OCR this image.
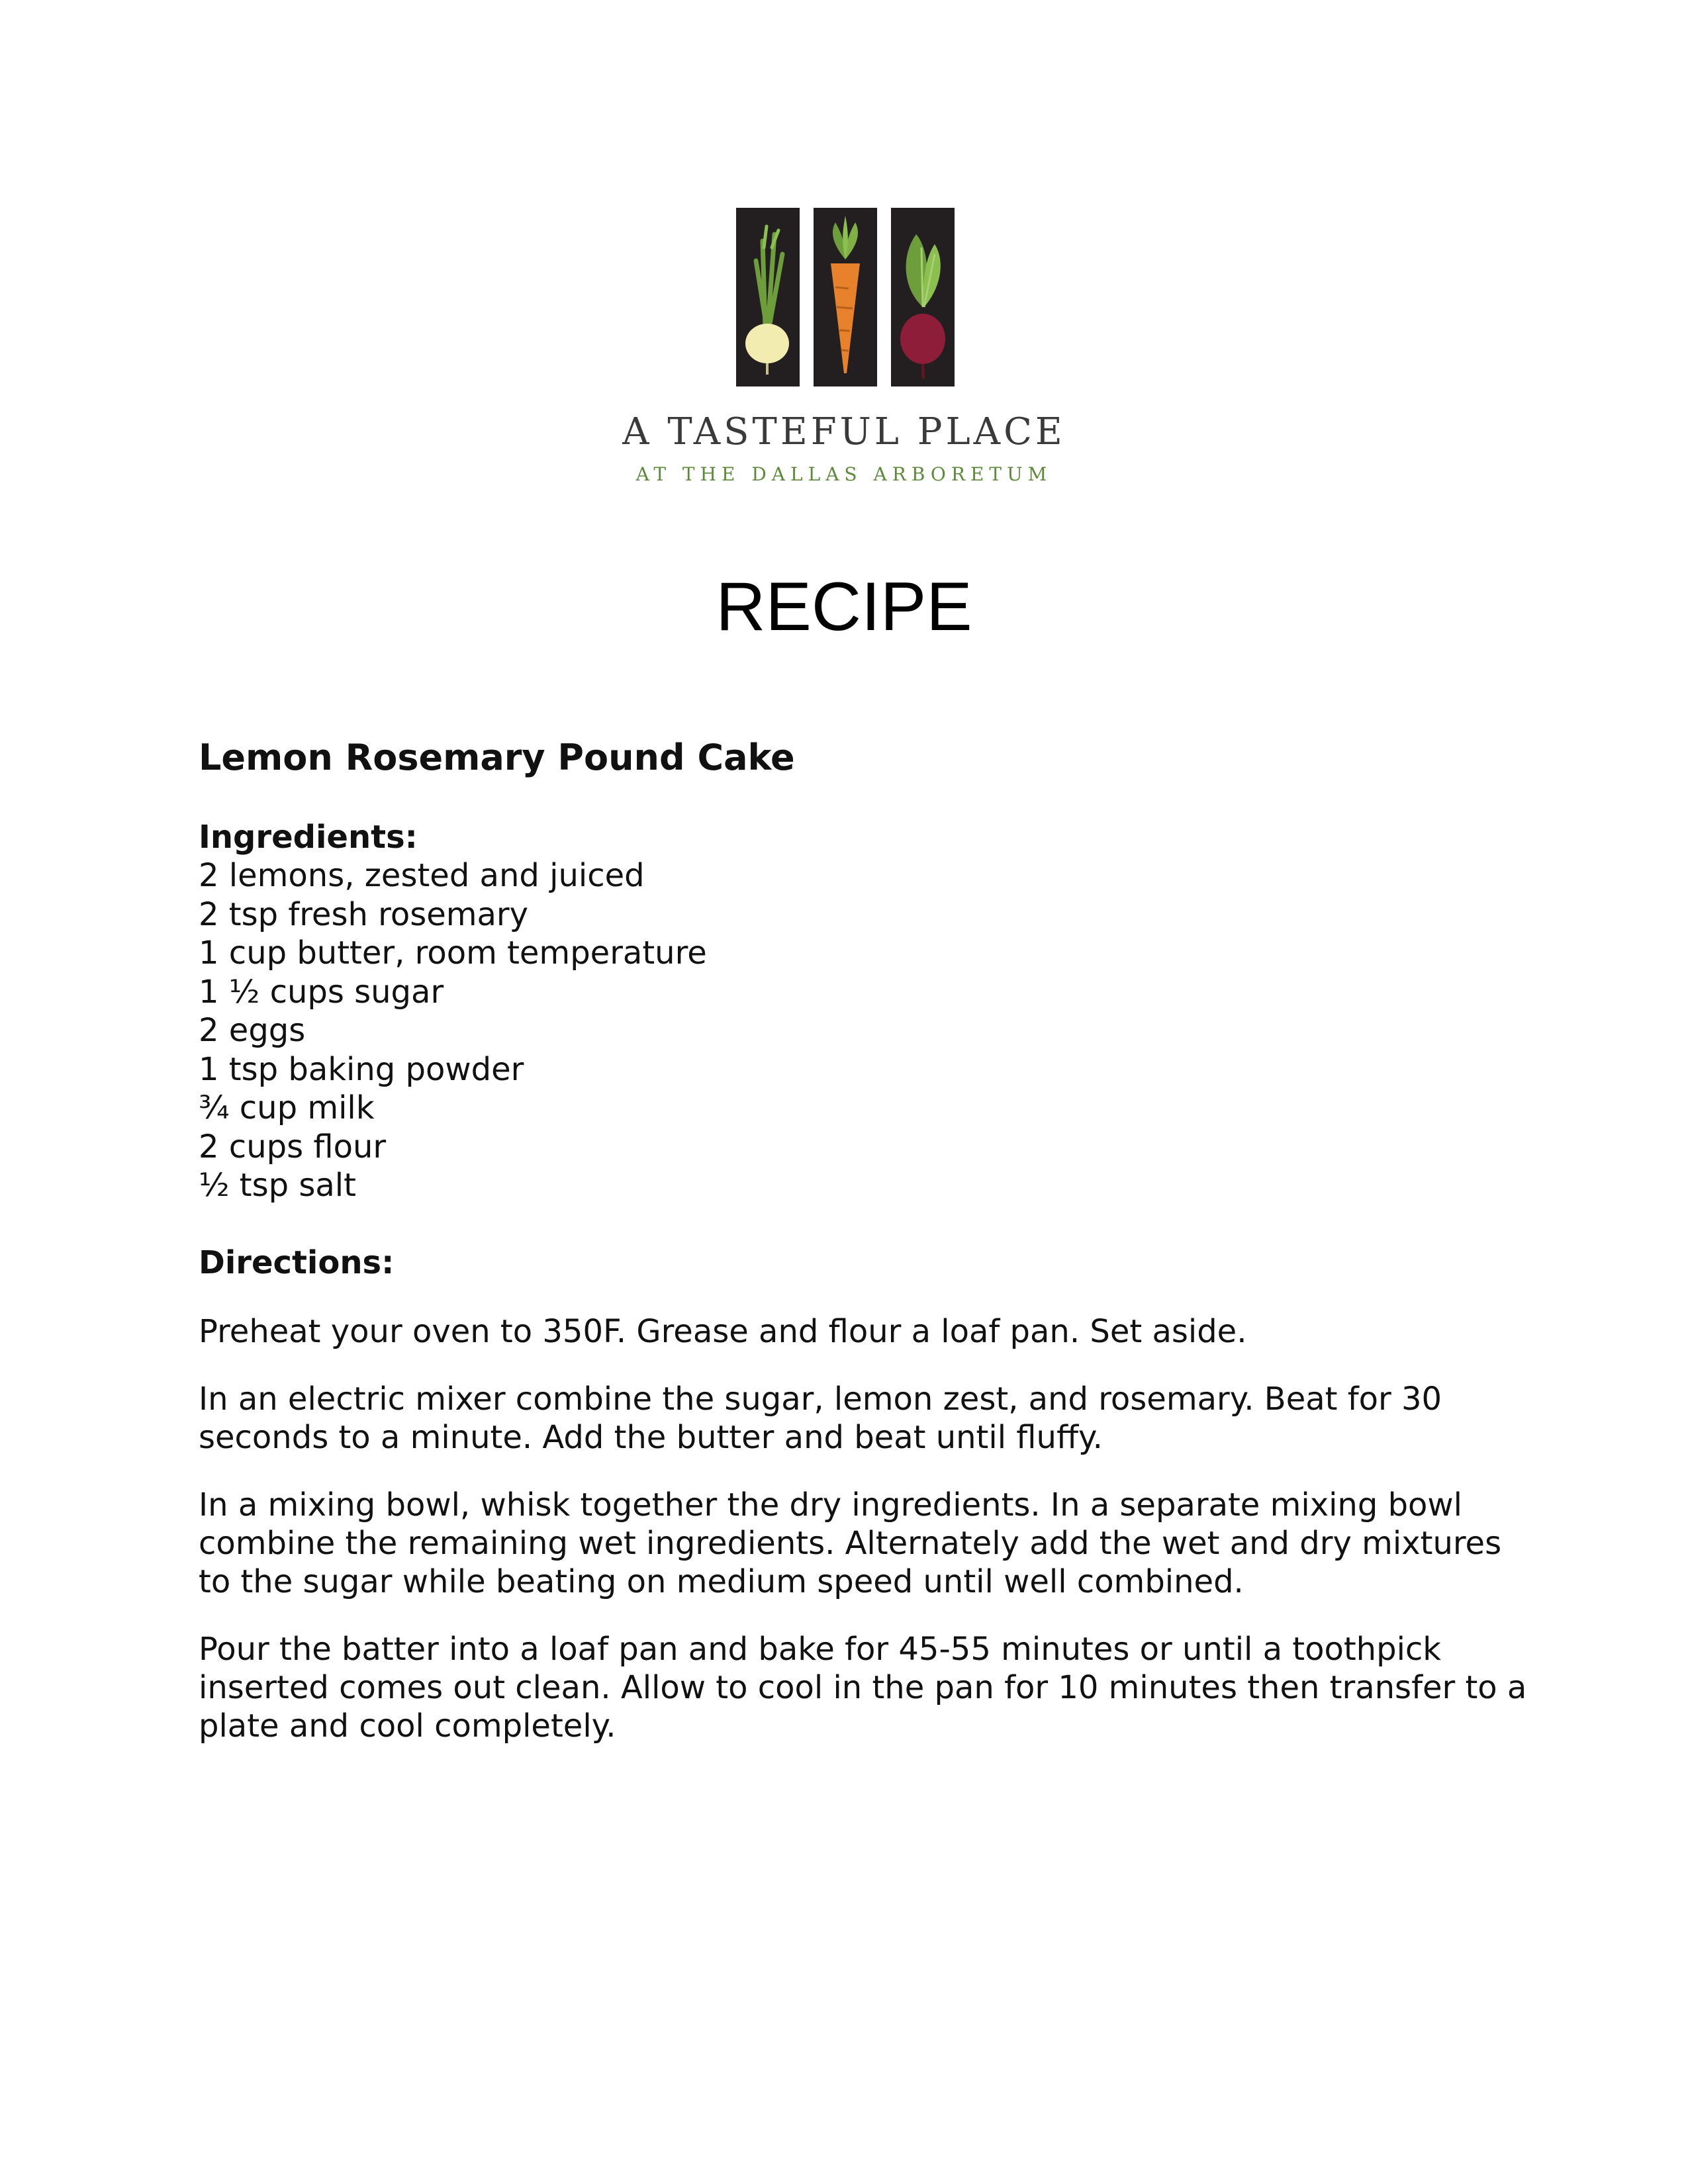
A TASTEFUL PLACE
AT THE DALLAS ARBORETUM
RECIPE
Lemon Rosemary Pound Cake
Ingredients:
2 lemons, zested and juiced
2 tsp fresh rosemary
1 cup butter, room temperature
1 ½ cups sugar
2 eggs
1 tsp baking powder
¾ cup milk
2 cups flour
½ tsp salt
Directions:
Preheat your oven to 350F. Grease and flour a loaf pan. Set aside.
In an electric mixer combine the sugar, lemon zest, and rosemary. Beat for 30 seconds to a minute. Add the butter and beat until fluffy.
In a mixing bowl, whisk together the dry ingredients. In a separate mixing bowl combine the remaining wet ingredients. Alternately add the wet and dry mixtures to the sugar while beating on medium speed until well combined.
Pour the batter into a loaf pan and bake for 45-55 minutes or until a toothpick inserted comes out clean. Allow to cool in the pan for 10 minutes then transfer to a plate and cool completely.
